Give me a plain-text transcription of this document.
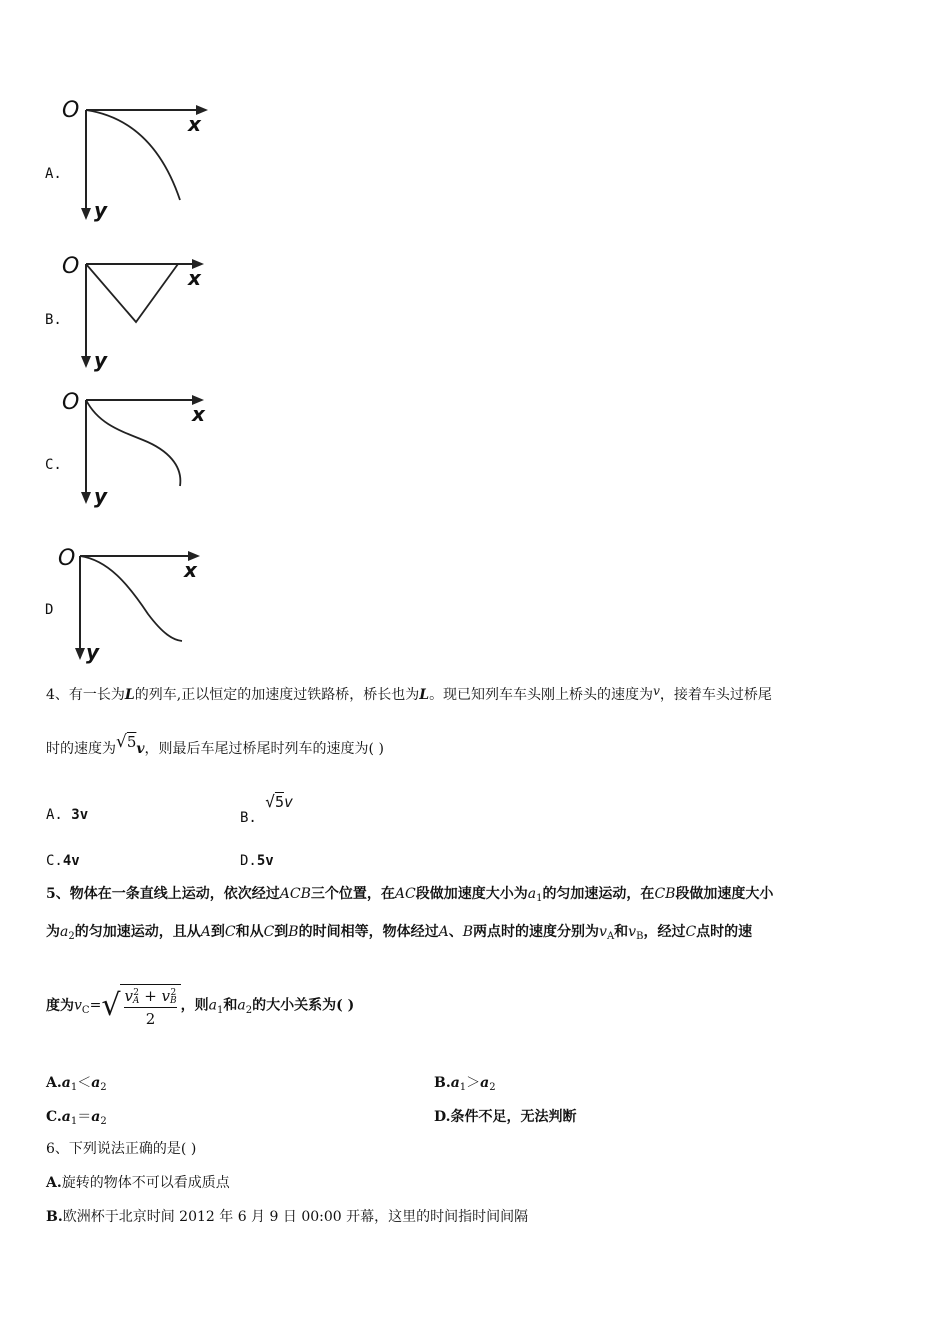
A.
O
x
y
B.
O	x
y
C.
O	x
y
D
O	x
y
4、有一长为L的列车,正以恒定的加速度过铁路桥，桥长也为L。现已知列车车头刚上桥头的速度为v，接着车头过桥尾
时的速度为√5v，则最后车尾过桥尾时列车的速度为( )
A. 3v	B. √5v
C.4v	D.5v
5、物体在一条直线上运动，依次经过ACB三个位置，在AC段做加速度大小为$a_1$的匀加速运动，在CB段做加速度大小
为$a_2$的匀加速运动，且从A到C和从C到B的时间相等，物体经过A、B两点时的速度分别为$v_A$和$v_B$，经过C点时的速
度为$v_C=√$ v 2
A + v 2
B
2 ，则$a_1$和$a_2$的大小关系为( )
$A.a_1<a_2$	$B.a_1>a_2$
$C.a_1=a_2$	D.条件不足，无法判断
6、下列说法正确的是( )
A.旋转的物体不可以看成质点
B.欧洲杯于北京时间 2012 年 6 月 9 日 00:00 开幕，这里的时间指时间间隔
